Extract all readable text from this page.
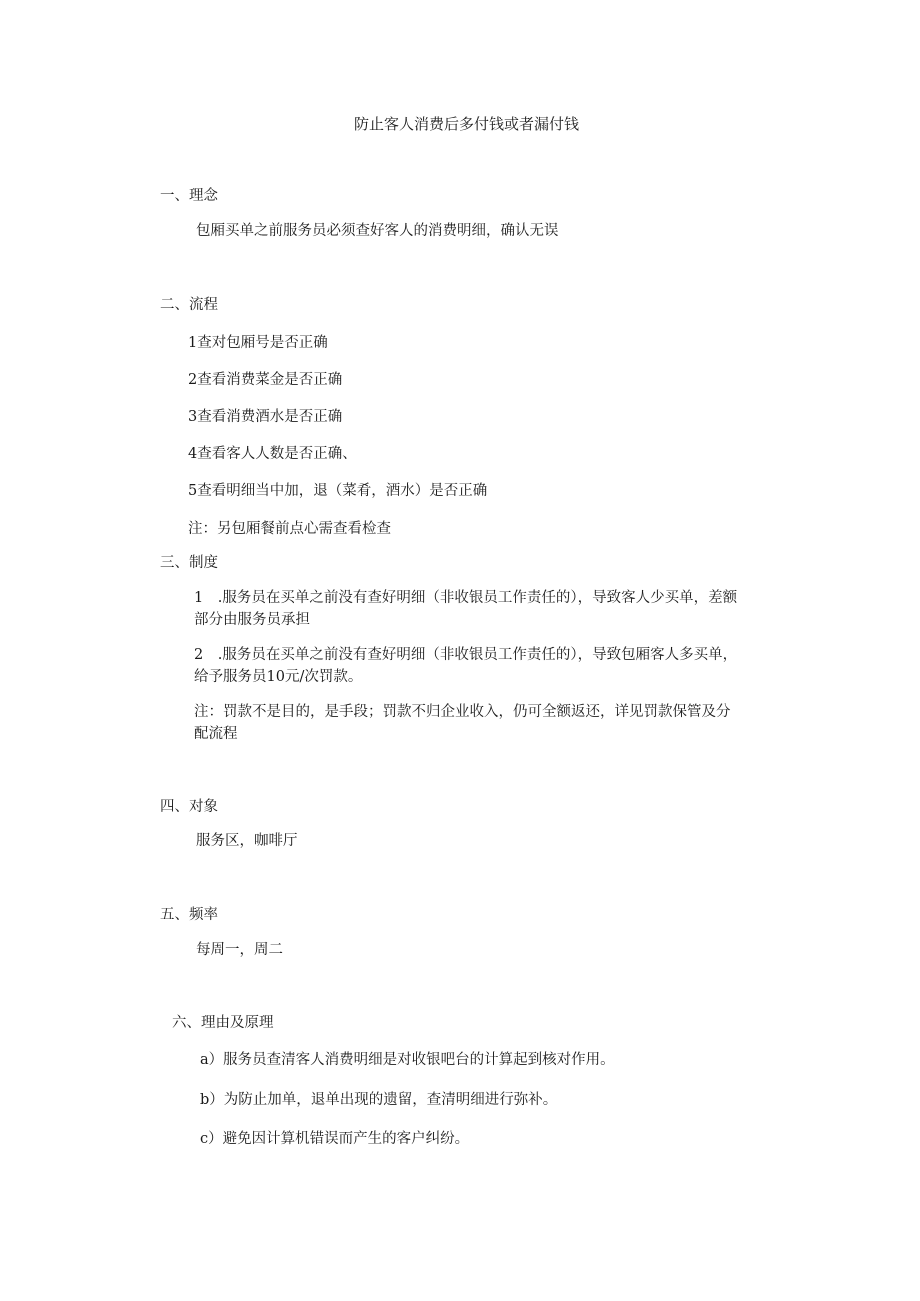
防止客人消费后多付钱或者漏付钱
一、理念
包厢买单之前服务员必须查好客人的消费明细，确认无误
二、流程
1查对包厢号是否正确
2查看消费菜金是否正确
3查看消费酒水是否正确
4查看客人人数是否正确、
5查看明细当中加，退（菜肴，酒水）是否正确
注：另包厢餐前点心需查看检查
三、制度
1　.服务员在买单之前没有查好明细（非收银员工作责任的），导致客人少买单，差额
部分由服务员承担
2　.服务员在买单之前没有查好明细（非收银员工作责任的），导致包厢客人多买单，
给予服务员10元/次罚款。
注：罚款不是目的，是手段；罚款不归企业收入，仍可全额返还，详见罚款保管及分
配流程
四、对象
服务区，咖啡厅
五、频率
每周一，周二
六、理由及原理
a）服务员查清客人消费明细是对收银吧台的计算起到核对作用。
b）为防止加单，退单出现的遗留，查清明细进行弥补。
c）避免因计算机错误而产生的客户纠纷。
